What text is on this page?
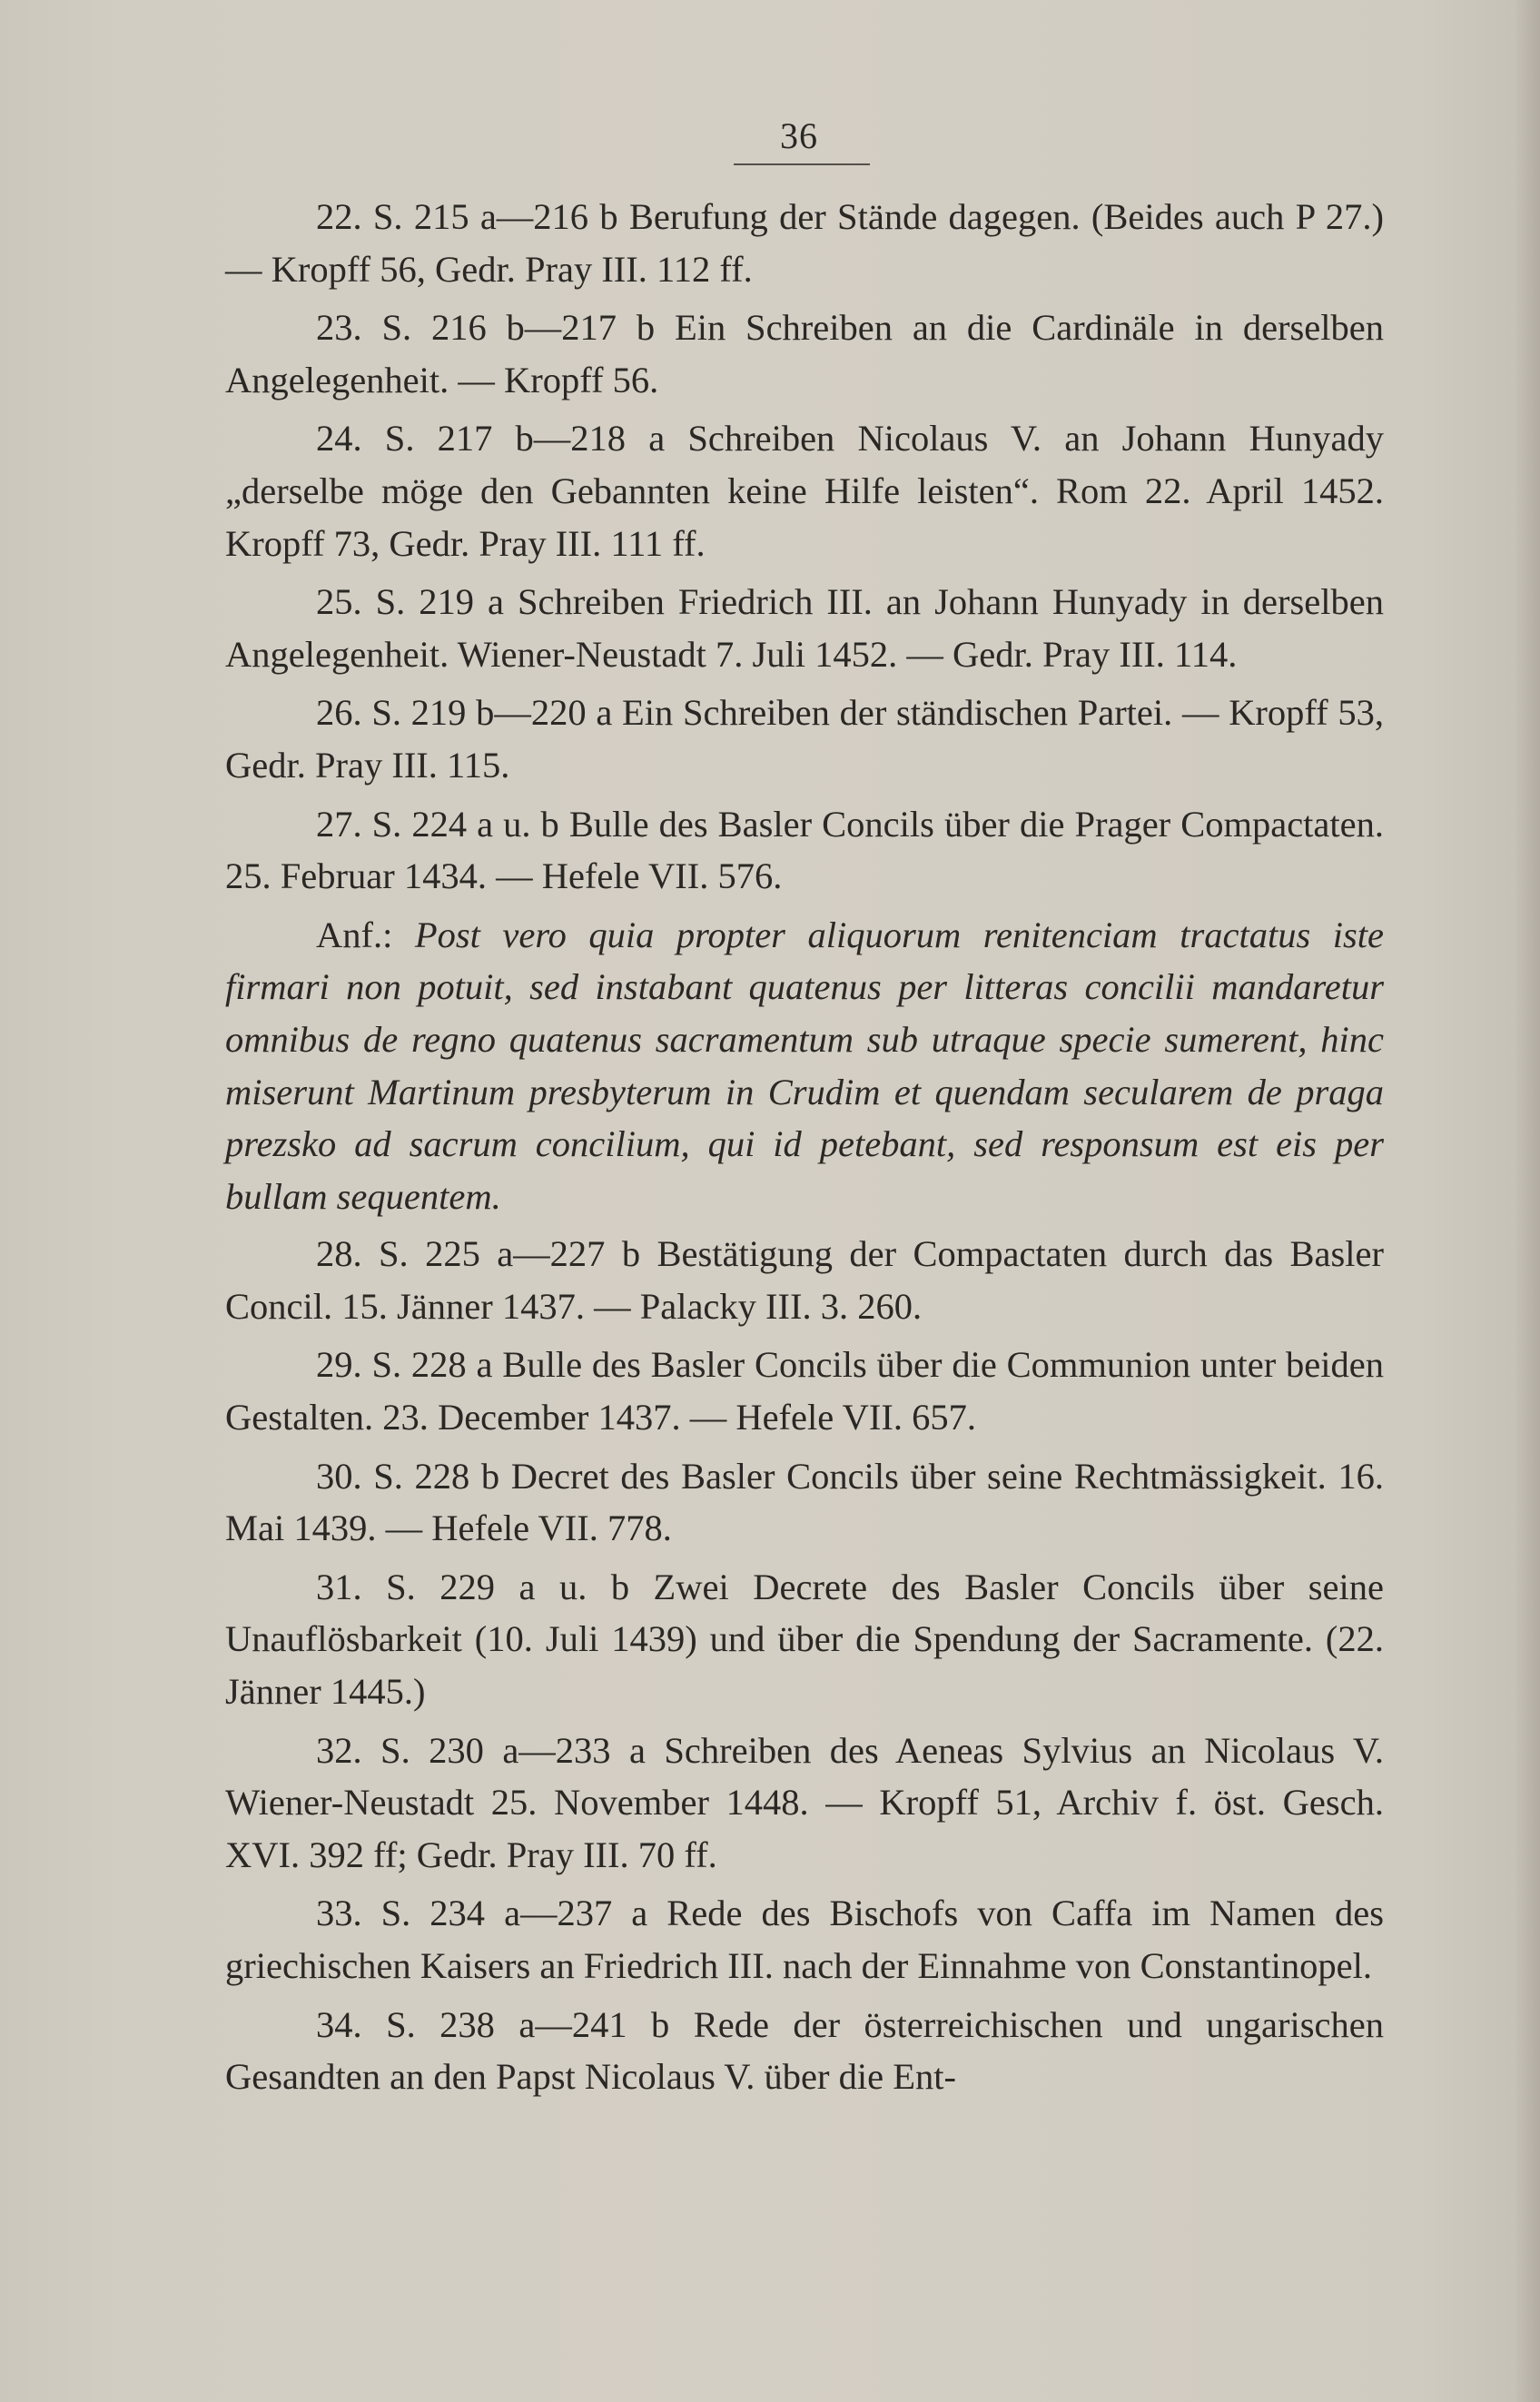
36

22. S. 215 a—216 b Berufung der Stände dagegen. (Beides auch P 27.) — Kropff 56, Gedr. Pray III. 112 ff.

23. S. 216 b—217 b Ein Schreiben an die Cardinäle in derselben Angelegenheit. — Kropff 56.

24. S. 217 b—218 a Schreiben Nicolaus V. an Johann Hunyady „derselbe möge den Gebannten keine Hilfe leisten“. Rom 22. April 1452. Kropff 73, Gedr. Pray III. 111 ff.

25. S. 219 a Schreiben Friedrich III. an Johann Hunyady in derselben Angelegenheit. Wiener-Neustadt 7. Juli 1452. — Gedr. Pray III. 114.

26. S. 219 b—220 a Ein Schreiben der ständischen Partei. — Kropff 53, Gedr. Pray III. 115.

27. S. 224 a u. b Bulle des Basler Concils über die Prager Compactaten. 25. Februar 1434. — Hefele VII. 576.

Anf.: Post vero quia propter aliquorum renitenciam tractatus iste firmari non potuit, sed instabant quatenus per litteras concilii mandaretur omnibus de regno quatenus sacramentum sub utraque specie sumerent, hinc miserunt Martinum presbyterum in Crudim et quendam secularem de praga prezsko ad sacrum concilium, qui id petebant, sed responsum est eis per bullam sequentem.

28. S. 225 a—227 b Bestätigung der Compactaten durch das Basler Concil. 15. Jänner 1437. — Palacky III. 3. 260.

29. S. 228 a Bulle des Basler Concils über die Communion unter beiden Gestalten. 23. December 1437. — Hefele VII. 657.

30. S. 228 b Decret des Basler Concils über seine Rechtmässigkeit. 16. Mai 1439. — Hefele VII. 778.

31. S. 229 a u. b Zwei Decrete des Basler Concils über seine Unauflösbarkeit (10. Juli 1439) und über die Spendung der Sacramente. (22. Jänner 1445.)

32. S. 230 a—233 a Schreiben des Aeneas Sylvius an Nicolaus V. Wiener-Neustadt 25. November 1448. — Kropff 51, Archiv f. öst. Gesch. XVI. 392 ff; Gedr. Pray III. 70 ff.

33. S. 234 a—237 a Rede des Bischofs von Caffa im Namen des griechischen Kaisers an Friedrich III. nach der Einnahme von Constantinopel.

34. S. 238 a—241 b Rede der österreichischen und ungarischen Gesandten an den Papst Nicolaus V. über die Ent-
